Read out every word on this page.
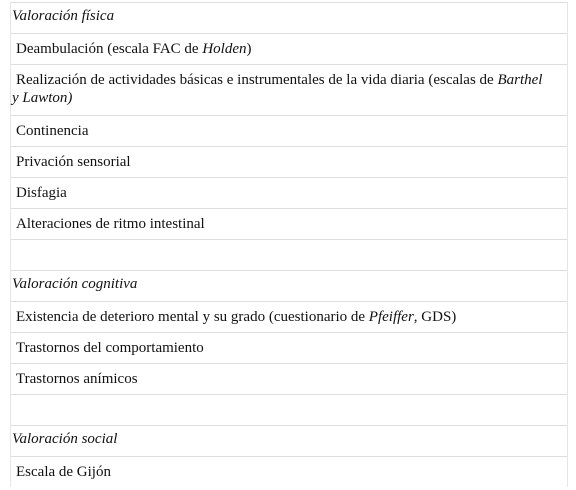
Valoración física
Deambulación (escala FAC de Holden)
Realización de actividades básicas e instrumentales de la vida diaria (escalas de Barthel
y Lawton)
Continencia
Privación sensorial
Disfagia
Alteraciones de ritmo intestinal
Valoración cognitiva
Existencia de deterioro mental y su grado (cuestionario de Pfeiffer, GDS)
Trastornos del comportamiento
Trastornos anímicos
Valoración social
Escala de Gijón
